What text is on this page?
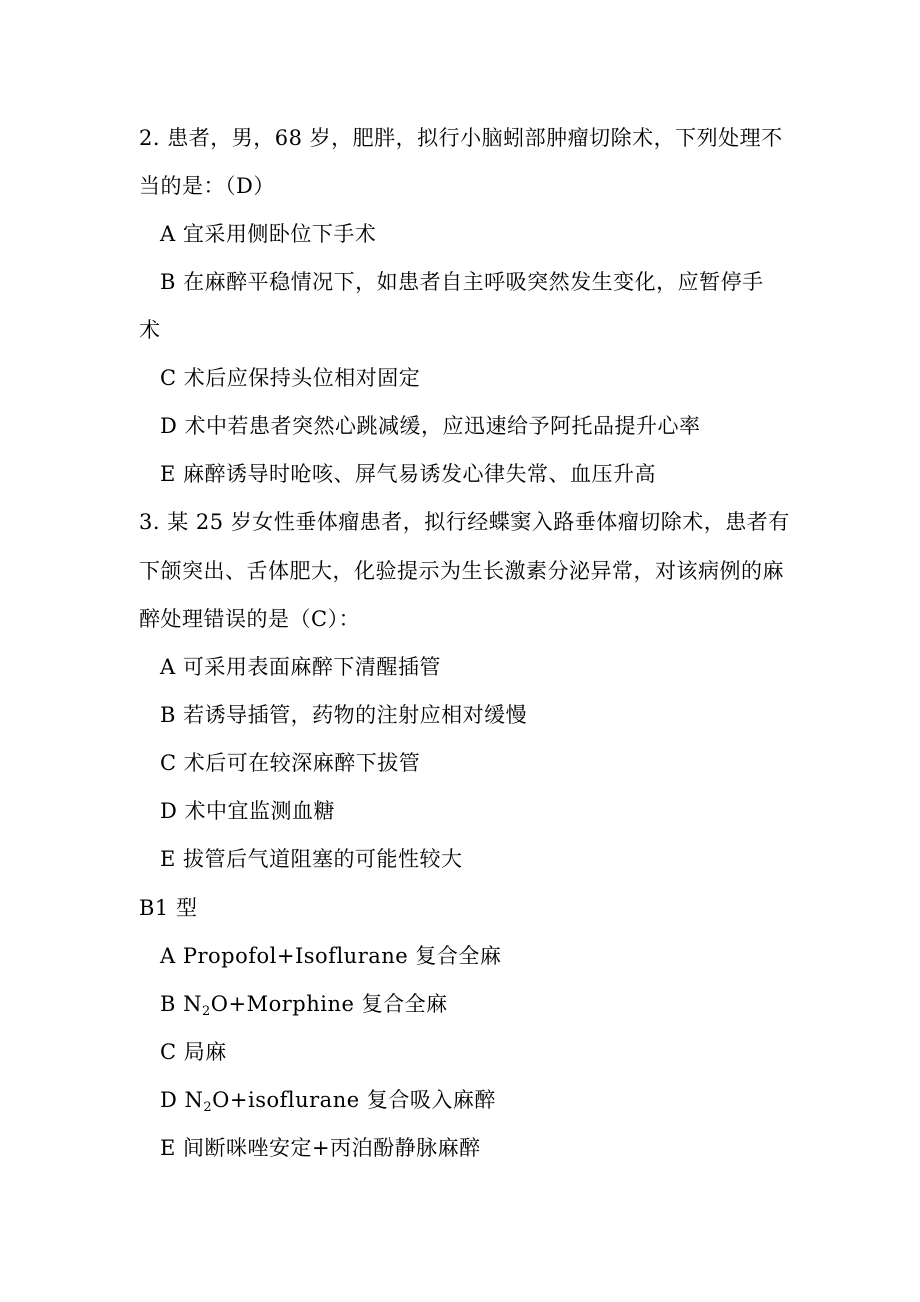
2. 患者，男，68 岁，肥胖，拟行小脑蚓部肿瘤切除术，下列处理不
当的是：（D）
A 宜采用侧卧位下手术
B 在麻醉平稳情况下，如患者自主呼吸突然发生变化，应暂停手
术
C 术后应保持头位相对固定
D 术中若患者突然心跳减缓，应迅速给予阿托品提升心率
E 麻醉诱导时呛咳、屏气易诱发心律失常、血压升高
3. 某 25 岁女性垂体瘤患者，拟行经蝶窦入路垂体瘤切除术，患者有
下颌突出、舌体肥大，化验提示为生长激素分泌异常，对该病例的麻
醉处理错误的是（C）：
A 可采用表面麻醉下清醒插管
B 若诱导插管，药物的注射应相对缓慢
C 术后可在较深麻醉下拔管
D 术中宜监测血糖
E 拔管后气道阻塞的可能性较大
B1 型
A Propofol+Isoflurane 复合全麻
B $N_2O+Morphine$ 复合全麻
C 局麻
D $N_2O+isoflurane$ 复合吸入麻醉
E 间断咪唑安定+丙泊酚静脉麻醉
